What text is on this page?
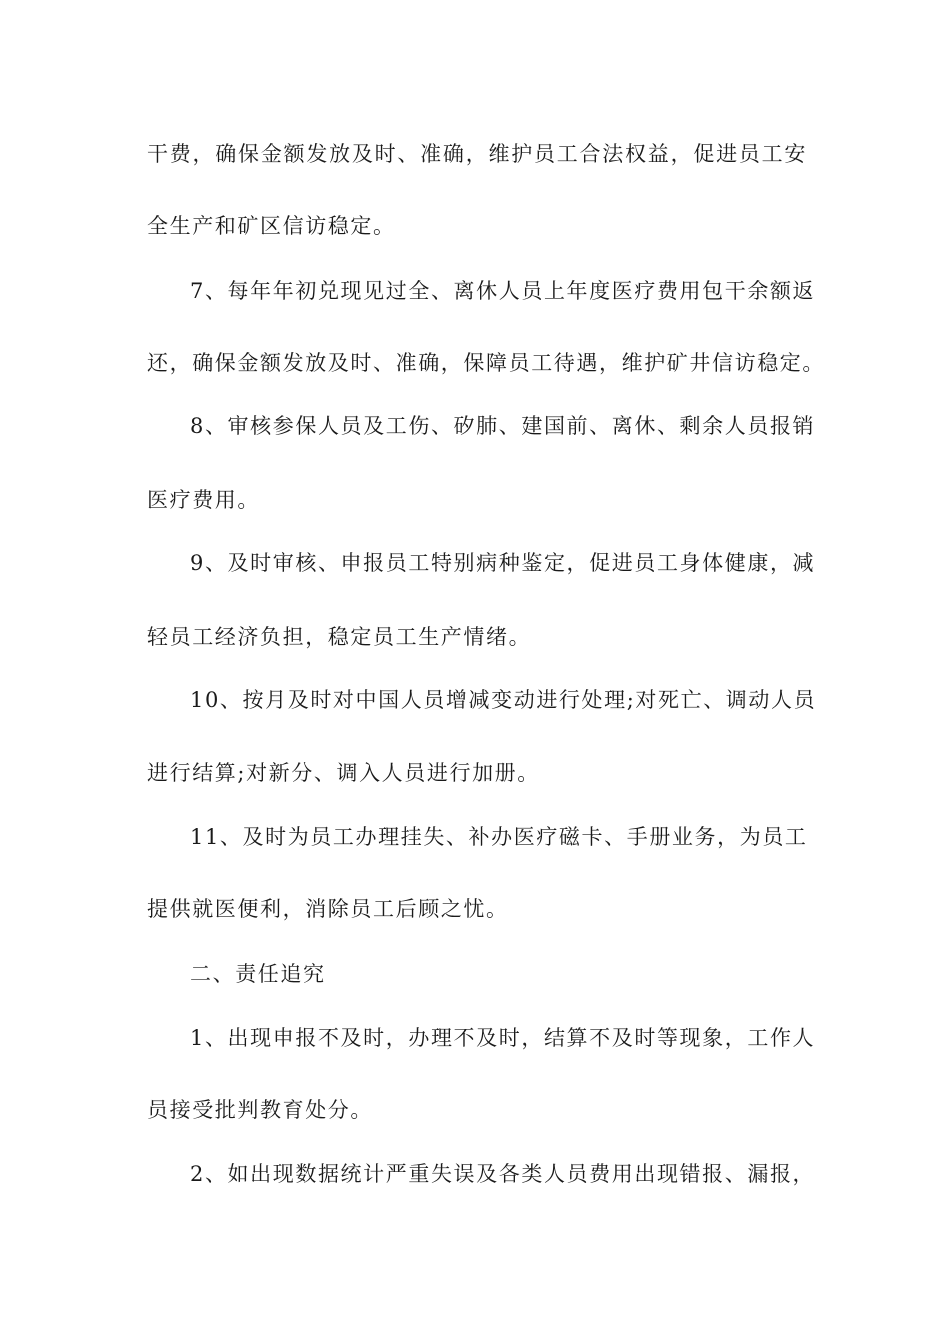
干费，确保金额发放及时、准确，维护员工合法权益，促进员工安
全生产和矿区信访稳定。
7、每年年初兑现见过全、离休人员上年度医疗费用包干余额返
还，确保金额发放及时、准确，保障员工待遇，维护矿井信访稳定。
8、审核参保人员及工伤、矽肺、建国前、离休、剩余人员报销
医疗费用。
9、及时审核、申报员工特别病种鉴定，促进员工身体健康，减
轻员工经济负担，稳定员工生产情绪。
10、按月及时对中国人员增减变动进行处理;对死亡、调动人员
进行结算;对新分、调入人员进行加册。
11、及时为员工办理挂失、补办医疗磁卡、手册业务，为员工
提供就医便利，消除员工后顾之忧。
二、责任追究
1、出现申报不及时，办理不及时，结算不及时等现象，工作人
员接受批判教育处分。
2、如出现数据统计严重失误及各类人员费用出现错报、漏报，
